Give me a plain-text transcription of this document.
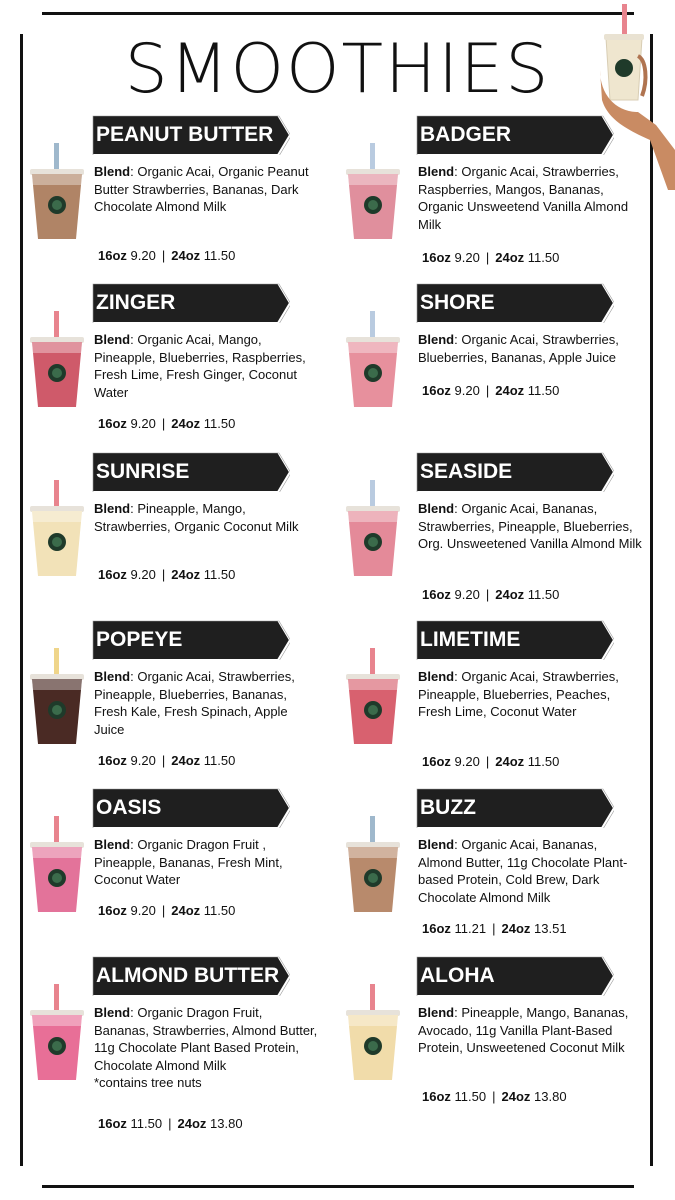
SMOOTHIES
PEANUT BUTTER
Blend: Organic Acai, Organic Peanut Butter Strawberries, Bananas, Dark Chocolate Almond Milk
16oz 9.20 | 24oz 11.50
BADGER
Blend: Organic Acai, Strawberries, Raspberries, Mangos, Bananas, Organic Unsweetend Vanilla Almond Milk
16oz 9.20 | 24oz 11.50
ZINGER
Blend: Organic Acai, Mango, Pineapple, Blueberries, Raspberries, Fresh Lime, Fresh Ginger, Coconut Water
16oz 9.20 | 24oz 11.50
SHORE
Blend: Organic Acai, Strawberries, Blueberries, Bananas, Apple Juice
16oz 9.20 | 24oz 11.50
SUNRISE
Blend: Pineapple, Mango, Strawberries, Organic Coconut Milk
16oz 9.20 | 24oz 11.50
SEASIDE
Blend: Organic Acai, Bananas, Strawberries, Pineapple, Blueberries, Org. Unsweetened Vanilla Almond Milk
16oz 9.20 | 24oz 11.50
POPEYE
Blend: Organic Acai, Strawberries, Pineapple, Blueberries, Bananas, Fresh Kale, Fresh Spinach, Apple Juice
16oz 9.20 | 24oz 11.50
LIMETIME
Blend: Organic Acai, Strawberries, Pineapple, Blueberries, Peaches, Fresh Lime, Coconut Water
16oz 9.20 | 24oz 11.50
OASIS
Blend: Organic Dragon Fruit , Pineapple, Bananas, Fresh Mint, Coconut Water
16oz 9.20 | 24oz 11.50
BUZZ
Blend: Organic Acai, Bananas, Almond Butter, 11g Chocolate Plant-based Protein, Cold Brew, Dark Chocolate Almond Milk
16oz 11.21 | 24oz 13.51
ALMOND BUTTER
Blend: Organic Dragon Fruit, Bananas, Strawberries, Almond Butter, 11g Chocolate Plant Based Protein, Chocolate Almond Milk
*contains tree nuts
16oz 11.50 | 24oz 13.80
ALOHA
Blend: Pineapple, Mango, Bananas, Avocado, 11g Vanilla Plant-Based Protein, Unsweetened Coconut Milk
16oz 11.50 | 24oz 13.80
